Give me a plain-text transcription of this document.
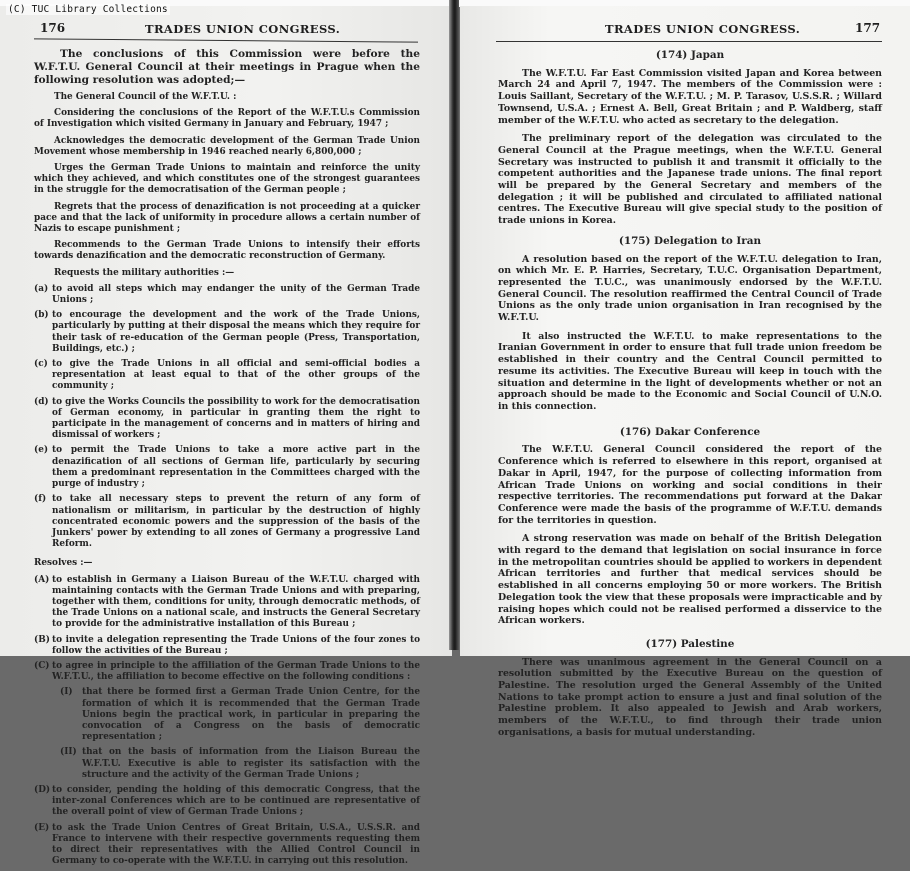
(C) TUC Library Collections
176	TRADES UNION CONGRESS.

The conclusions of this Commission were before the W.F.T.U. General Council at their meetings in Prague when the following resolution was adopted;—

The General Council of the W.F.T.U. :

Considering the conclusions of the Report of the W.F.T.U.s Commission of Investigation which visited Germany in January and February, 1947 ;

Acknowledges the democratic development of the German Trade Union Movement whose membership in 1946 reached nearly 6,800,000 ;

Urges the German Trade Unions to maintain and reinforce the unity which they achieved, and which constitutes one of the strongest guarantees in the struggle for the democratisation of the German people ;

Regrets that the process of denazification is not proceeding at a quicker pace and that the lack of uniformity in procedure allows a certain number of Nazis to escape punishment ;

Recommends to the German Trade Unions to intensify their efforts towards denazification and the democratic reconstruction of Germany.

Requests the military authorities :—

(a) to avoid all steps which may endanger the unity of the German Trade Unions ;
(b) to encourage the development and the work of the Trade Unions, particularly by putting at their disposal the means which they require for their task of re-education of the German people (Press, Transportation, Buildings, etc.) ;
(c) to give the Trade Unions in all official and semi-official bodies a representation at least equal to that of the other groups of the community ;
(d) to give the Works Councils the possibility to work for the democratisation of German economy, in particular in granting them the right to participate in the management of concerns and in matters of hiring and dismissal of workers ;
(e) to permit the Trade Unions to take a more active part in the denazification of all sections of German life, particularly by securing them a predominant representation in the Committees charged with the purge of industry ;
(f) to take all necessary steps to prevent the return of any form of nationalism or militarism, in particular by the destruction of highly concentrated economic powers and the suppression of the basis of the Junkers' power by extending to all zones of Germany a progressive Land Reform.

Resolves :—

(A) to establish in Germany a Liaison Bureau of the W.F.T.U. charged with maintaining contacts with the German Trade Unions and with preparing, together with them, conditions for unity, through democratic methods, of the Trade Unions on a national scale, and instructs the General Secretary to provide for the administrative installation of this Bureau ;
(B) to invite a delegation representing the Trade Unions of the four zones to follow the activities of the Bureau ;
(C) to agree in principle to the affiliation of the German Trade Unions to the W.F.T.U., the affiliation to become effective on the following conditions :
(I)	that there be formed first a German Trade Union Centre, for the formation of which it is recommended that the German Trade Unions begin the practical work, in particular in preparing the convocation of a Congress on the basis of democratic representation ;
(II) that on the basis of information from the Liaison Bureau the W.F.T.U. Executive is able to register its satisfaction with the structure and the activity of the German Trade Unions ;
(D) to consider, pending the holding of this democratic Congress, that the inter-zonal Conferences which are to be continued are representative of the overall point of view of German Trade Unions ;
(E) to ask the Trade Union Centres of Great Britain, U.S.A., U.S.S.R. and France to intervene with their respective governments requesting them to direct their representatives with the Allied Control Council in Germany to co-operate with the W.F.T.U. in carrying out this resolution.
TRADES UNION CONGRESS.	177
(174) Japan

The W.F.T.U. Far East Commission visited Japan and Korea between March 24 and April 7, 1947. The members of the Commission were : Louis Saillant, Secretary of the W.F.T.U. ; M. P. Tarasov, U.S.S.R. ; Willard Townsend, U.S.A. ; Ernest A. Bell, Great Britain ; and P. Waldberg, staff member of the W.F.T.U. who acted as secretary to the delegation.

The preliminary report of the delegation was circulated to the General Council at the Prague meetings, when the W.F.T.U. General Secretary was instructed to publish it and transmit it officially to the competent authorities and the Japanese trade unions. The final report will be prepared by the General Secretary and members of the delegation ; it will be published and circulated to affiliated national centres. The Executive Bureau will give special study to the position of trade unions in Korea.

(175) Delegation to Iran

A resolution based on the report of the W.F.T.U. delegation to Iran, on which Mr. E. P. Harries, Secretary, T.U.C. Organisation Department, represented the T.U.C., was unanimously endorsed by the W.F.T.U. General Council. The resolution reaffirmed the Central Council of Trade Unions as the only trade union organisation in Iran recognised by the W.F.T.U.

It also instructed the W.F.T.U. to make representations to the Iranian Government in order to ensure that full trade union freedom be established in their country and the Central Council permitted to resume its activities. The Executive Bureau will keep in touch with the situation and determine in the light of developments whether or not an approach should be made to the Economic and Social Council of U.N.O. in this connection.

(176) Dakar Conference

The W.F.T.U. General Council considered the report of the Conference which is referred to elsewhere in this report, organised at Dakar in April, 1947, for the purpose of collecting information from African Trade Unions on working and social conditions in their respective territories. The recommendations put forward at the Dakar Conference were made the basis of the programme of W.F.T.U. demands for the territories in question.

A strong reservation was made on behalf of the British Delegation with regard to the demand that legislation on social insurance in force in the metropolitan countries should be applied to workers in dependent African territories and further that medical services should be established in all concerns employing 50 or more workers. The British Delegation took the view that these proposals were impracticable and by raising hopes which could not be realised performed a disservice to the African workers.

(177) Palestine

There was unanimous agreement in the General Council on a resolution submitted by the Executive Bureau on the question of Palestine. The resolution urged the General Assembly of the United Nations to take prompt action to ensure a just and final solution of the Palestine problem. It also appealed to Jewish and Arab workers, members of the W.F.T.U., to find through their trade union organisations, a basis for mutual understanding.
